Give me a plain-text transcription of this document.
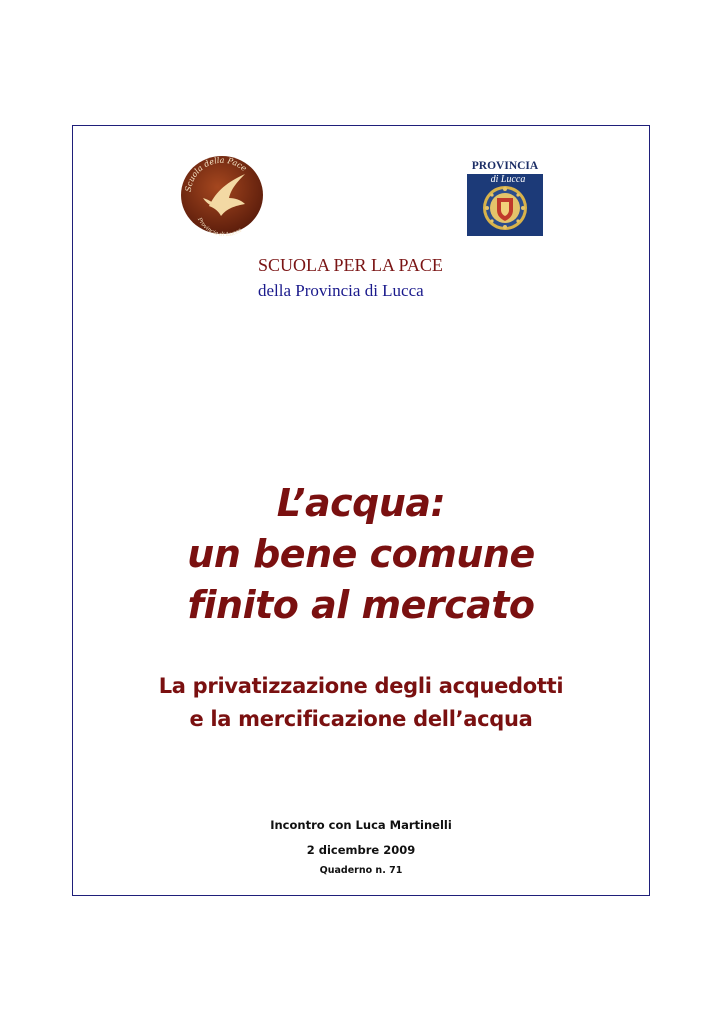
Scuola della Pace
Provincia di Lucca
PROVINCIA
di Lucca
SCUOLA PER LA PACE
della Provincia di Lucca
L’acqua:
un bene comune
finito al mercato
La privatizzazione degli acquedotti
e la mercificazione dell’acqua
Incontro con Luca Martinelli
2 dicembre 2009
Quaderno n. 71
